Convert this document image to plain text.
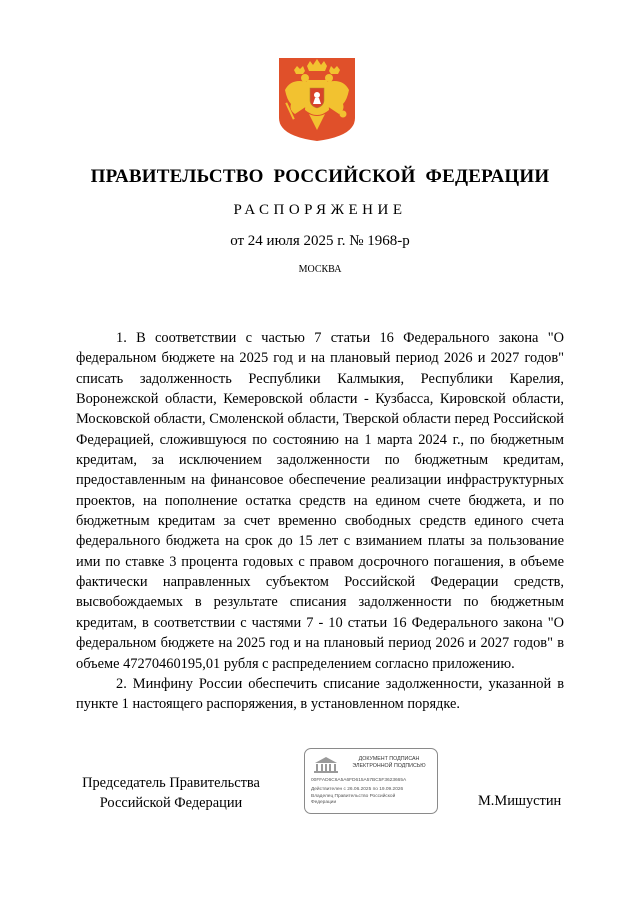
ПРАВИТЕЛЬСТВО РОССИЙСКОЙ ФЕДЕРАЦИИ
РАСПОРЯЖЕНИЕ
от 24 июля 2025 г. № 1968-р
МОСКВА

1. В соответствии с частью 7 статьи 16 Федерального закона "О федеральном бюджете на 2025 год и на плановый период 2026 и 2027 годов" списать задолженность Республики Калмыкия, Республики Карелия, Воронежской области, Кемеровской области - Кузбасса, Кировской области, Московской области, Смоленской области, Тверской области перед Российской Федерацией, сложившуюся по состоянию на 1 марта 2024 г., по бюджетным кредитам, за исключением задолженности по бюджетным кредитам, предоставленным на финансовое обеспечение реализации инфраструктурных проектов, на пополнение остатка средств на едином счете бюджета, и по бюджетным кредитам за счет временно свободных средств единого счета федерального бюджета на срок до 15 лет с взиманием платы за пользование ими по ставке 3 процента годовых с правом досрочного погашения, в объеме фактически направленных субъектом Российской Федерации средств, высвобождаемых в результате списания задолженности по бюджетным кредитам, в соответствии с частями 7 - 10 статьи 16 Федерального закона "О федеральном бюджете на 2025 год и на плановый период 2026 и 2027 годов" в объеме 47270460195,01 рубля с распределением согласно приложению.

2. Минфину России обеспечить списание задолженности, указанной в пункте 1 настоящего распоряжения, в установленном порядке.

Председатель Правительства
Российской Федерации
ДОКУМЕНТ ПОДПИСАН
ЭЛЕКТРОННОЙ ПОДПИСЬЮ
00FFAD6C6A5A6FD615A57BC5F3623665A
Действителен с 26.06.2025 по 19.09.2026
Владелец Правительство Российской
Федерации	М.Мишустин
